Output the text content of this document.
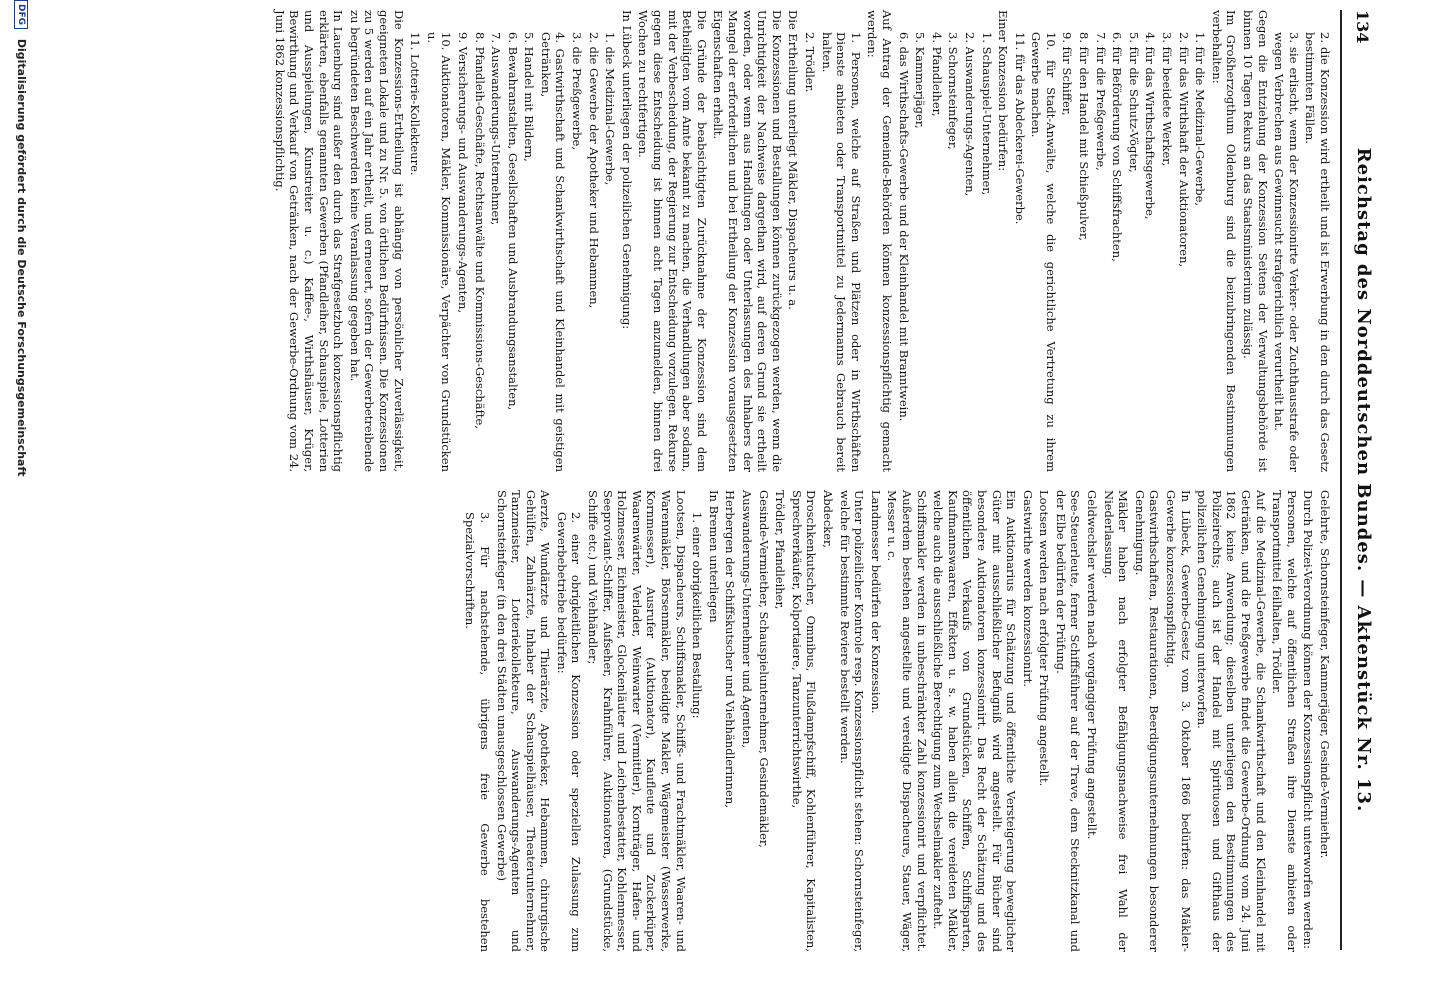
134
Reichstag des Norddeutschen Bundes. — Aktenstück Nr. 13.

2. die Konzession wird ertheilt und ist Erwerbung in den durch das Gesetz bestimmten Fällen.

3. sie erlischt, wenn der Konzessionirte Verker- oder Zuchthausstrafe oder wegen Verbrechen aus Gewinnsucht strafgerichtlich verurtheilt hat.

Gegen die Entziehung der Konzession Seitens der Verwaltungsbehörde ist binnen 10 Tagen Rekurs an das Staatsministerium zulässig.

Im Großherzogthum Oldenburg sind die beizubringenden Bestimmungen verbehalten:

1. für die Medizinal-Gewerbe,

2. für das Wirthshaft der Auktionatoren,

3. für beeidete Werker,

4. für das Wirthschaftsgewerbe,

5. für die Schutz-Vögter,

6. für Beförderung von Schiffsfrachten,

7. für die Preßgewerbe,

8. für den Handel mit Schießpulver,

9. für Schiffer,

10. für Stadt-Anwälte, welche die gerichtliche Vertretung zu ihrem Gewerbe machen.

11. für das Abdeckerei-Gewerbe.

Einer Konzession bedürfen:

1. Schauspiel-Unternehmer,

2. Auswanderungs-Agenten,

3. Schornsteinfeger,

4. Pfandleiher,

5. Kammerjäger,

6. das Wirthschafts-Gewerbe und der Kleinhandel mit Branntwein.

Auf Antrag der Gemeinde-Behörden können konzessionspflichtig gemacht werden:

1. Personen, welche auf Straßen und Plätzen oder in Wirthschäften Dienste anbieten oder Transportmittel zu Jedermanns Gebrauch bereit halten.

2. Trödler.

Die Ertheilung unterliegt Mäkler, Dispacheurs u. a.

Die Konzessionen und Bestallungen können zurückgezogen werden, wenn die Unrichtigkeit der Nachweise dargethan wird, auf deren Grund sie ertheilt worden, oder wenn aus Handlungen oder Unterlassungen des Inhabers der Mangel der erforderlichen und bei Ertheilung der Konzession vorausgesetzten Eigenschaften erhellt.

Die Gründe der beabsichtigten Zurücknahme der Konzession sind dem Betheiligten vom Amte bekannt zu machen, die Verhandlungen aber sodann, mit der Verbescheidung, der Regierung zur Entscheidung vorzulegen. Rekurse gegen diese Entscheidung ist binnen acht Tagen anzumelden, binnen drei Wochen zu rechtfertigen.

In Lübeck unterliegen der polizeilichen Genehmigung:

1. die Medizinal-Gewerbe,

2. die Gewerbe der Apotheker und Hebammen,

3. die Preßgewerbe,

4. Gastwirthschaft und Schankwirthschaft und Kleinhandel mit geistigen Getränken,

5. Handel mit Bildern,

6. Bewahranstalten, Gesellschaften und Ausbrandungsanstalten,

7. Auswanderungs-Unternehmer,

8. Pfandleih-Geschäfte, Rechtsanwälte und Kommissions-Geschäfte,

9. Versicherungs- und Auswanderungs-Agenten,

10. Auktionatoren, Mäkler, Kommissionäre, Verpächter von Grundstücken u.

11. Lotterie-Kollekteure.

Die Konzessions-Ertheilung ist abhängig von persönlicher Zuverlässigkeit, geeigneten Lokale und zu Nr. 5. von örtlichen Bedürfnissen. Die Konzessionen zu 5 werden auf ein Jahr ertheilt, und erneuert, sofern der Gewerbetreibende zu begründeten Beschwerden keine Veranlassung gegeben hat.

In Lauenburg sind außer den durch das Strafgesetzbuch konzessionspflichtig erklärten, ebenfalls genannten Gewerben (Pfandleiher, Schauspiele, Lotterien und Ausspielungen, Kunstreiter u. c.) Kaffee-, Wirthshäuser, Krüger, Bewirthung und Verkauf von Getränken, nach der Gewerbe-Ordnung vom 24. Juni 1862 konzessionspflichtig.

Gelehrte, Schornsteinfeger, Kammerjäger, Gesinde-Vermiether.

Durch Polizei-Verordnung können der Konzessionspflicht unterworfen werden:

Personen, welche auf öffentlichen Straßen ihre Dienste anbieten oder Transportmittel feilhalten, Trödler.

Auf die Medizinal-Gewerbe, die Schankwirthschaft und den Kleinhandel mit Getränken, und die Preßgewerbe findet die Gewerbe-Ordnung vom 24. Juni 1862 keine Anwendung; dieselben unterliegen den Bestimmungen des Polizeirechts; auch ist der Handel mit Spirituosen und Gifthaus der polizeilichen Genehmigung unterworfen.

In Lübeck, Gewerbe-Gesetz vom 3. Oktober 1866 bedürfen: das Mäkler-Gewerbe konzessionspflichtig.

Gastwirthschaften, Restaurationen, Beerdigungsunternehmungen besonderer Genehmigung.

Mäkler haben nach erfolgter Befähigungsnachweise frei Wahl der Niederlassung.

Geldwechsler werden nach vorgängiger Prüfung angestellt.

See-Steuerleute, ferner Schiffsführer auf der Trave, dem Stecknitzkanal und der Elbe bedürfen der Prüfung.

Lootsen werden nach erfolgter Prüfung angestellt.

Gastwirthe werden konzessionirt.

Ein Auktionarius für Schätzung und öffentliche Versteigerung beweglicher Güter mit ausschließlicher Befugniß wird angestellt. Für Bücher sind besondere Auktionatoren konzessionirt. Das Recht der Schätzung und des öffentlichen Verkaufs von Grundstücken, Schiffen, Schiffsparten, Kaufmannswaaren, Effekten u. s. w. haben allein die vereideten Mäkler, welche auch die ausschließliche Berechtigung zum Wechselmakler zufteht.

Schiffsmakler werden in unbeschränkter Zahl konzessionirt und verpflichtet. Außerdem bestehen angestellte und vereidigte Dispacheure, Stauer, Wäger, Messer u. c.

Landmesser bedürfen der Konzession.

Unter polizeilicher Kontrole resp. Konzessionspflicht stehen: Schornsteinfeger, welche für bestimmte Reviere bestellt werden.

Abdecker,

Droschkenkutscher, Omnibus, Flußdampfschiff, Kohlenführer, Kapitalisten, Sprechverkäufer, Kolportaiere, Tanzunterrichtswirthe,

Trödler, Pfandleiher,

Gesinde-Vermiether, Schauspielunternehmer, Gesindemäkler,

Auswanderungs-Unternehmer und Agenten,

Herbergen der Schiffskutscher und Viehhändlerinnen,

In Bremen unterliegen

1. einer obrigkeitlichen Bestallung:

Lootsen, Dispacheurs, Schiffsmakler, Schiffs- und Frachtmäkler, Waaren- und Warenmäkler, Börsenmäkler, beeidigte Makler, Wägemeister (Wasserwerke, Kornmesser), Ausrufer (Auktionator), Kaufleute und Zuckerküper, Waarenwärter, Verlader, Weinwarter (Vermittler), Kornträger, Hafen- und Holzmesser, Eichmeister, Glockenläuter und Leichenbestatter, Kohlenmesser, Seeproviant-Schiffer, Aufseher, Krahnführer, Auktionatoren, (Grundstücke, Schiffe etc.) und Viehhändler;

2. einer obrigkeitlichen Konzession oder speziellen Zulassung zum Gewerbebetriebe bedürfen:

Aerzte, Wundärzte und Thierärzte, Apotheker, Hebammen, chirurgische Gehülfen, Zahnärzte, Inhaber der Schauspielhäuser, Theaterunternehmer, Tanzmeister, Lotteriekollekteure, Auswanderungs-Agenten und Schornsteinfeger (in den drei Städten unausgeschlossen Gewerbe)

3. Für nachstehende, übrigens freie Gewerbe bestehen Spezialvorschriften.

DFG Digitalisierung gefördert durch die Deutsche Forschungsgemeinschaft
